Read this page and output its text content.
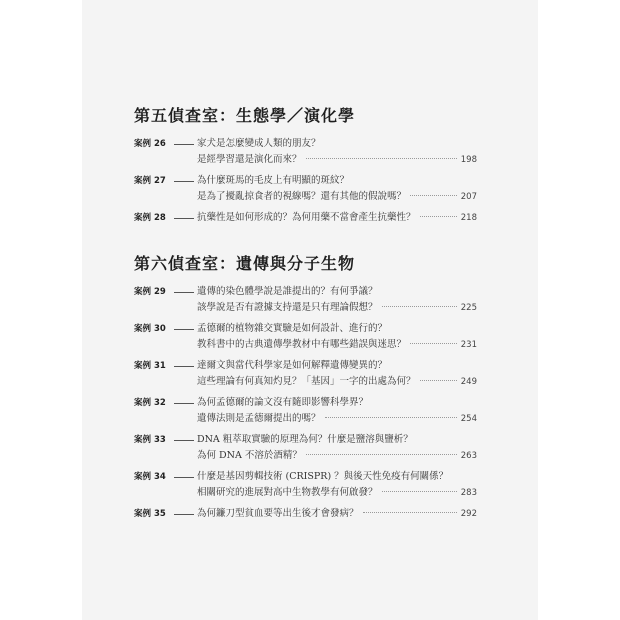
第五偵查室：生態學／演化學
案例 26	家犬是怎麼變成人類的朋友？
是經學習還是演化而來？	198
案例 27	為什麼斑馬的毛皮上有明顯的斑紋？
是為了擾亂掠食者的視線嗎？還有其他的假說嗎？	207
案例 28	抗藥性是如何形成的？為何用藥不當會產生抗藥性？	218
第六偵查室：遺傳與分子生物
案例 29	遺傳的染色體學說是誰提出的？有何爭議？
該學說是否有證據支持還是只有理論假想？	225
案例 30	孟德爾的植物雜交實驗是如何設計、進行的？
教科書中的古典遺傳學教材中有哪些錯誤與迷思？	231
案例 31	達爾文與當代科學家是如何解釋遺傳變異的？
這些理論有何真知灼見？「基因」一字的出處為何？	249
案例 32	為何孟德爾的論文沒有隨即影響科學界？
遺傳法則是孟德爾提出的嗎？	254
案例 33	DNA 粗萃取實驗的原理為何？什麼是鹽溶與鹽析？
為何 DNA 不溶於酒精？	263
案例 34	什麼是基因剪輯技術 (CRISPR) ？與後天性免疫有何關係？
相關研究的進展對高中生物教學有何啟發？	283
案例 35	為何鐮刀型貧血要等出生後才會發病？	292
